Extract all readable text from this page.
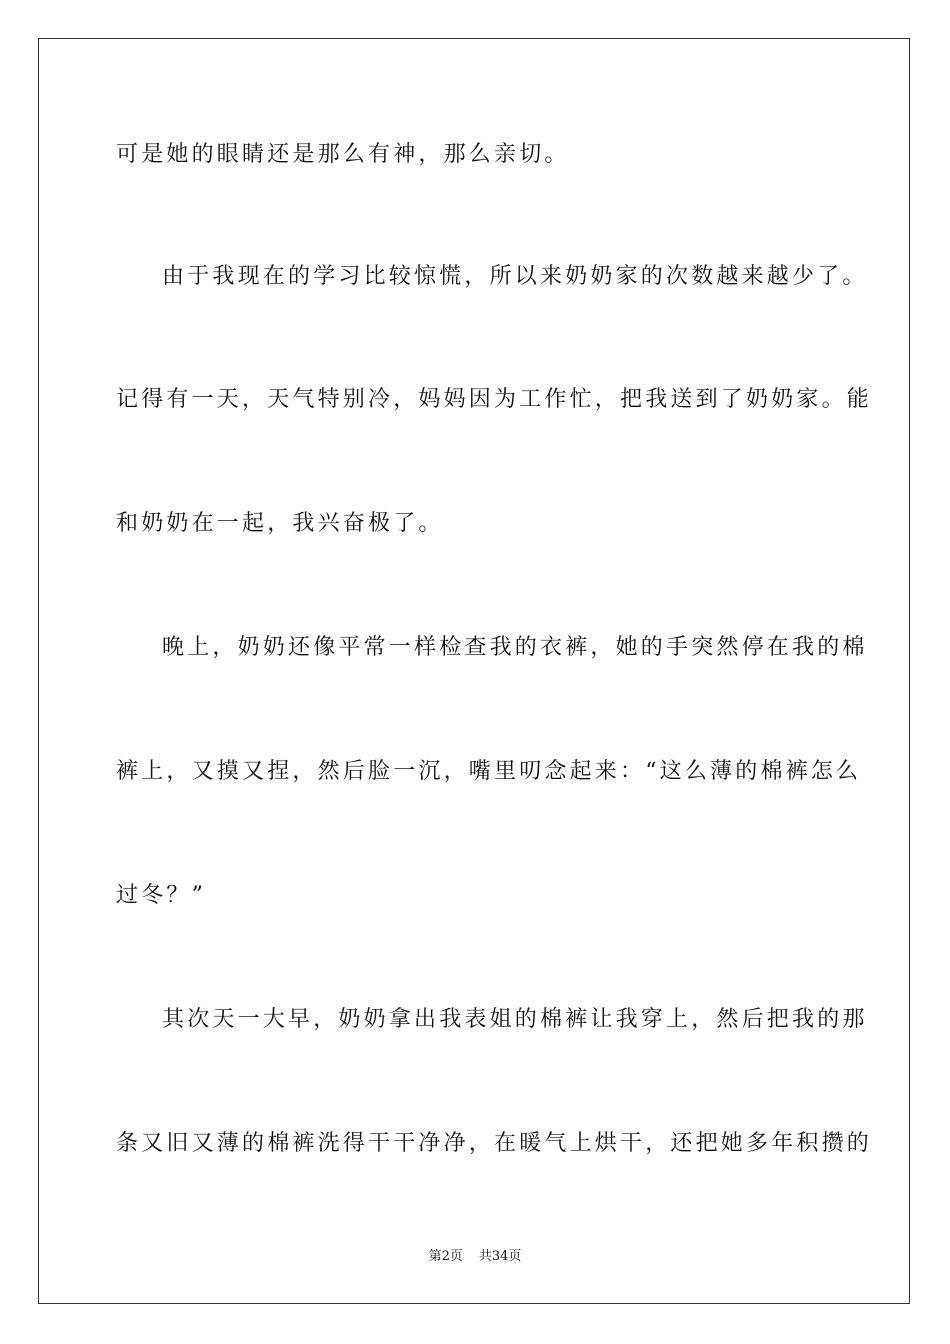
可是她的眼睛还是那么有神，那么亲切。
由于我现在的学习比较惊慌，所以来奶奶家的次数越来越少了。
记得有一天，天气特别冷，妈妈因为工作忙，把我送到了奶奶家。能
和奶奶在一起，我兴奋极了。
晚上，奶奶还像平常一样检查我的衣裤，她的手突然停在我的棉
裤上，又摸又捏，然后脸一沉，嘴里叨念起来：“这么薄的棉裤怎么
过冬？”
其次天一大早，奶奶拿出我表姐的棉裤让我穿上，然后把我的那
条又旧又薄的棉裤洗得干干净净，在暖气上烘干，还把她多年积攒的
第2页 共34页
